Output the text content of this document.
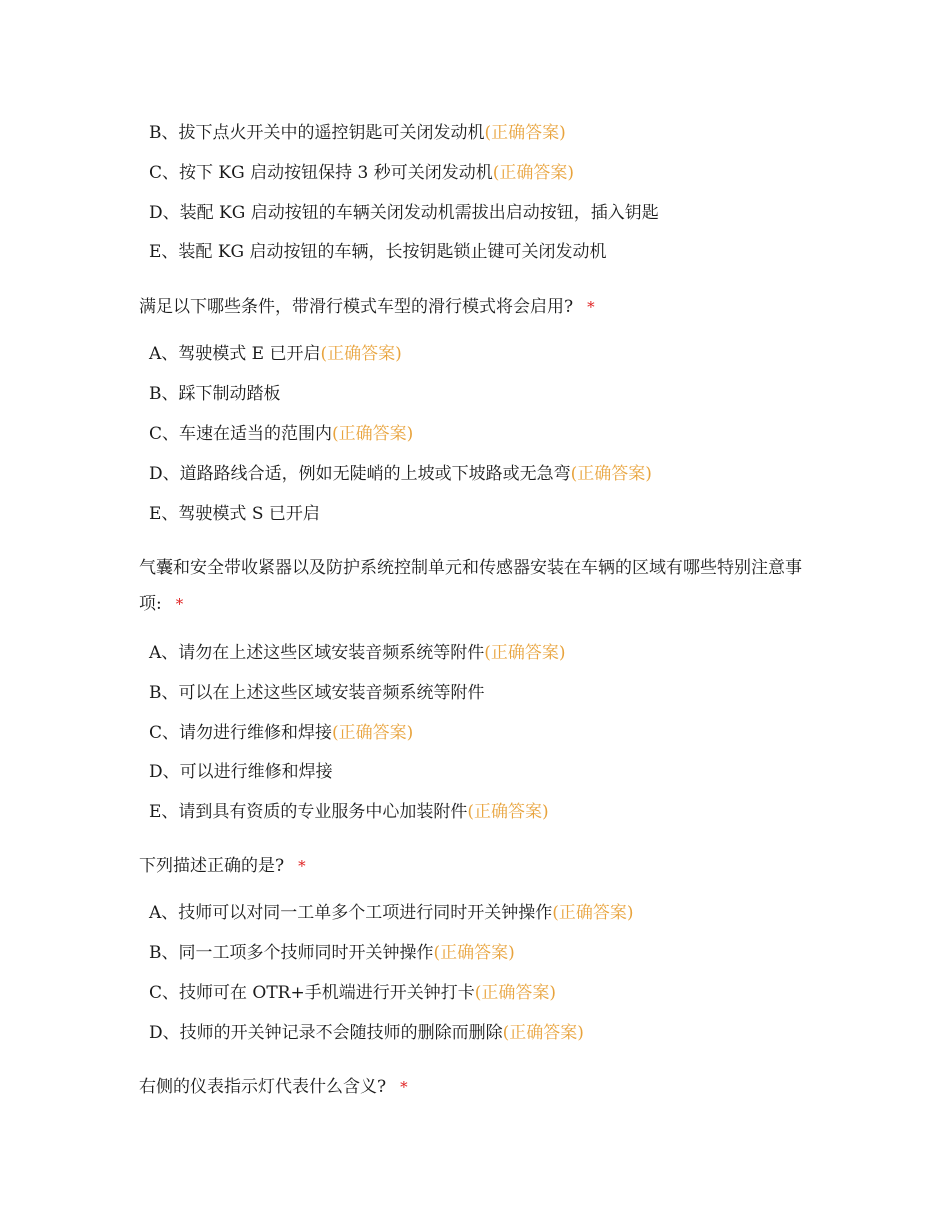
B、拔下点火开关中的遥控钥匙可关闭发动机(正确答案)
C、按下 KG 启动按钮保持 3 秒可关闭发动机(正确答案)
D、装配 KG 启动按钮的车辆关闭发动机需拔出启动按钮，插入钥匙
E、装配 KG 启动按钮的车辆，长按钥匙锁止键可关闭发动机
满足以下哪些条件，带滑行模式车型的滑行模式将会启用? *
A、驾驶模式 E 已开启(正确答案)
B、踩下制动踏板
C、车速在适当的范围内(正确答案)
D、道路路线合适，例如无陡峭的上坡或下坡路或无急弯(正确答案)
E、驾驶模式 S 已开启
气囊和安全带收紧器以及防护系统控制单元和传感器安装在车辆的区域有哪些特别注意事项: *
A、请勿在上述这些区域安装音频系统等附件(正确答案)
B、可以在上述这些区域安装音频系统等附件
C、请勿进行维修和焊接(正确答案)
D、可以进行维修和焊接
E、请到具有资质的专业服务中心加装附件(正确答案)
下列描述正确的是? *
A、技师可以对同一工单多个工项进行同时开关钟操作(正确答案)
B、同一工项多个技师同时开关钟操作(正确答案)
C、技师可在 OTR+手机端进行开关钟打卡(正确答案)
D、技师的开关钟记录不会随技师的删除而删除(正确答案)
右侧的仪表指示灯代表什么含义? *
